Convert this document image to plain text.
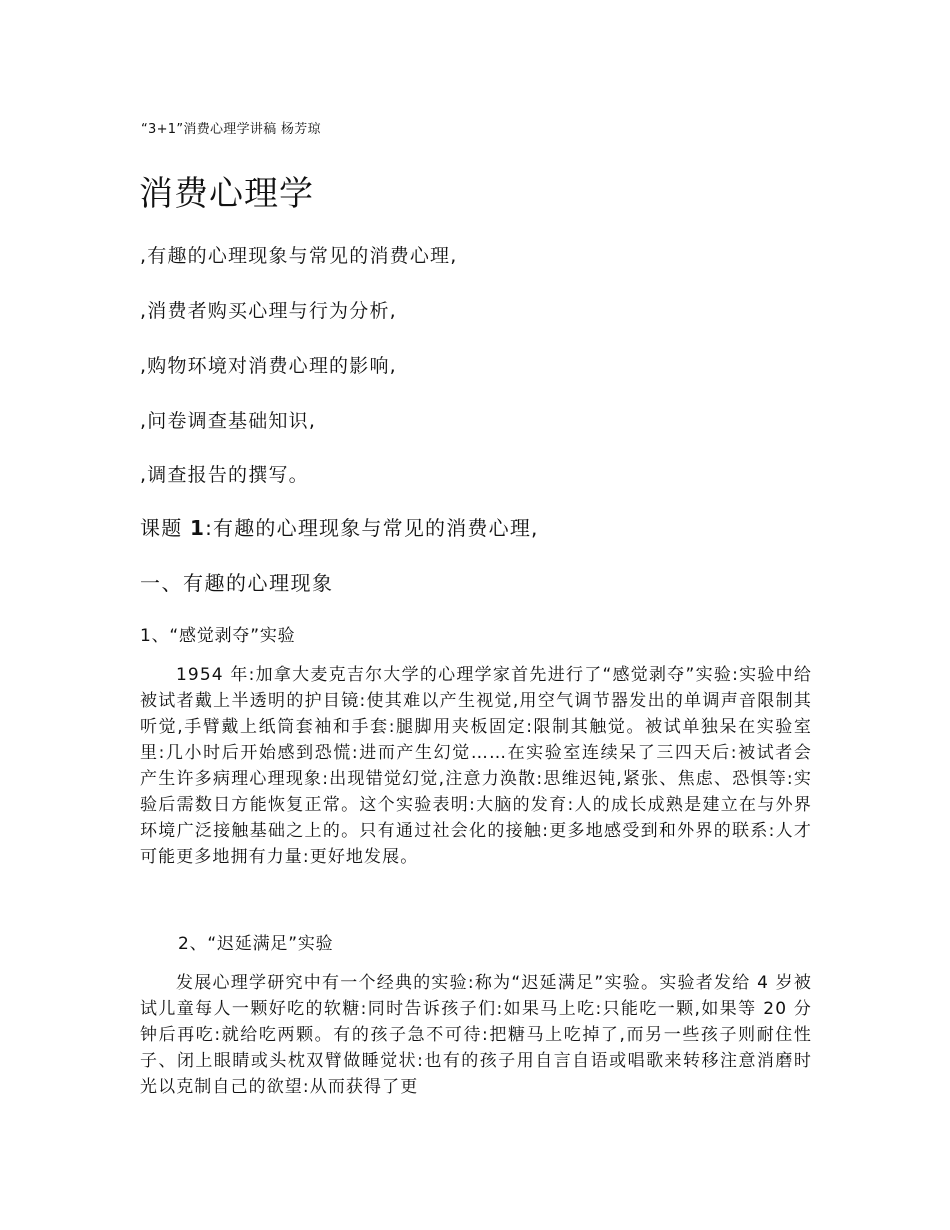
“3+1”消费心理学讲稿 杨芳琼
消费心理学
,有趣的心理现象与常见的消费心理,
,消费者购买心理与行为分析,
,购物环境对消费心理的影响,
,问卷调查基础知识,
,调查报告的撰写。
课题 1:有趣的心理现象与常见的消费心理,
一、有趣的心理现象
1、“感觉剥夺”实验

1954 年:加拿大麦克吉尔大学的心理学家首先进行了“感觉剥夺”实验:实验中给被试者戴上半透明的护目镜:使其难以产生视觉,用空气调节器发出的单调声音限制其听觉,手臂戴上纸筒套袖和手套:腿脚用夹板固定:限制其触觉。被试单独呆在实验室里:几小时后开始感到恐慌:进而产生幻觉……在实验室连续呆了三四天后:被试者会产生许多病理心理现象:出现错觉幻觉,注意力涣散:思维迟钝,紧张、焦虑、恐惧等:实验后需数日方能恢复正常。这个实验表明:大脑的发育:人的成长成熟是建立在与外界环境广泛接触基础之上的。只有通过社会化的接触:更多地感受到和外界的联系:人才可能更多地拥有力量:更好地发展。

2、“迟延满足”实验

发展心理学研究中有一个经典的实验:称为“迟延满足”实验。实验者发给 4 岁被试儿童每人一颗好吃的软糖:同时告诉孩子们:如果马上吃:只能吃一颗,如果等 20 分钟后再吃:就给吃两颗。有的孩子急不可待:把糖马上吃掉了,而另一些孩子则耐住性子、闭上眼睛或头枕双臂做睡觉状:也有的孩子用自言自语或唱歌来转移注意消磨时光以克制自己的欲望:从而获得了更
